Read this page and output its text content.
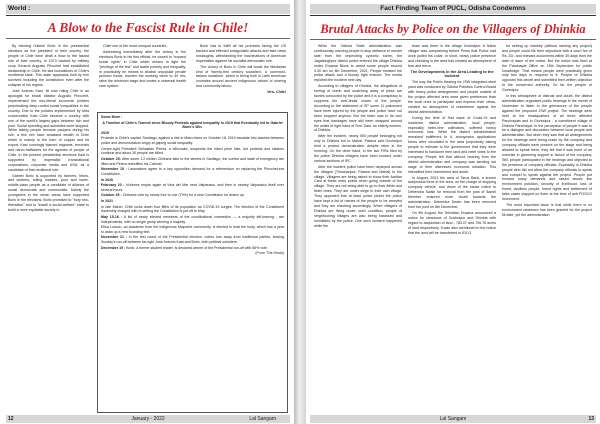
World :
A Blow to the Fascist Rule in Chile!

By electing Gabriel Boric in the presidential elections as the president of their country, the people of Chile have dealt a blow to the fascist rule of their country. In 1973 backed by military coup General Augusto Pinochet had established dictatorship in Chile. He laid foundations of Chile's neoliberal state. This state apparatus built by him survived including the constitution even after the collapse of his regime.

Jose Antonio Kast, till now ruling Chile is an apologist for brutal dictator Augusto Pinochet, implemented the neo-liberal economic policies perpetuating deep-rooted social inequalities in the country. Due to the policies implemented by ultra conservative Kast Chile became a country with one of the world's largest gaps between rich and poor. Social spending and subsidies were stopped. While taking people became paupers during his rule, a few rich have amassed wealth of Chile which is mainly in the form of copper and its export. Kast cunningly blamed migrants, terrorists and narco-traffickers for the agonies of people of Chile. In the present presidential elections Kast is supported by imperialist transnational corporations, corporate media and USA, as a candidate of that neoliberal rule.

Gabriel Boric is supported by farmers, tribes, and workers, toiling masses, poor and lower-middle-class people as a candidate of alliance of social democrats and communists. Mainly the youngsters in the urban areas have supported Boric in the elections. Boric promised to "bury neo-liberalism" and to "install a social welfare" state to build a more equitable society in

Chile one of the most unequal countries.

Addressing immediately after the victory in the elections Boric in his first official, he vowed to "expand social rights" in Chile which means to fight the "privilege of the few" and tackle poverty and inequality. In practicality he means to abolish unpopular private pension funds; shorten the working week to 40 hrs; raise the minimum wage and create a universal health care system .

Boric has to fulfill all his promises facing the US backed and effected antagonistic attacks and fake news onslaughts, withstanding the machinations of American imperialism against his socialist-democratic rule.

The victory of Boric in Chile will boost the libertarian kind of 'twenty-first century socialism', a 'communi-tarians socialism', which is being built in Latin American countries around ancient indigenous values of sharing and community labour.

Viro. Chile!

Some More :

A Timeline of Chile's Turmoil since Bloody Protests against Inequality in 2019 that Eventually led to Gabriel Boric's Win.

2019

Protests in Chile's capital, Santiago, against a rise in Metro fares on October 18, 2019 escalate into clashes between police and demonstrators angry at gaping social inequality.

Centre-right President Sebastian Pinera, a billionaire, suspends the hiked price hike, but protests and clashes continue and about 30 people are killed.

October 25: After some 1.2 million Chileans take to the streets in Santiago, the curfew and state of emergency are lifted and Pinera reshuffles his Cabinet.

November 15 : Lawmakers agree to a key opposition demand for a referendum on replacing the Pinochet-era Constitution.

In 2020

February 23 : Violence erupts again at Vina del Mar near Valparaiso, and then in nearby Valparaiso itself over several hours.

October 25 : Chileans vote by nearly four to one (79%) for a new Constitution be drawn up.

In 2021

In late March, Chile locks down four fifths of its population as COVID-19 surges. The election of the Constituent Assembly charged with re-writing the Constitution is put off to May.

May 15-16 : A list of newly elected members of the constitutional convention — a majority left-leaning - are independents, with no single group winning a majority.

Elisa Loncon, an academic from the indigenous Mapuche community, is elected to lead the body, which has a year to draw up a new founding text.

November 21 : In the first round of the Presidential election, voters turn away from traditional parties, leaving Sunday's run-off between far-right Jose Antonio Kast and Boric, both political outsiders.

December 19 : Boric, a former student leader, is declared winner of the Presidential run-off with 56% vote.

(From 'The Hindu)

12	January - 2022	Lal Sangam
Fact Finding Team of PUCL, Odisha Condemns
Brutal Attacks by Police on the Villagers of Dhinkia

While the Odisha State administration was continuously warning people to stop defiance to remain safe from the impending cyclonic storm, the Jagatsinghpur district police entered the village Dhinkia under Ersama Block to arrest some people around 4.30 am on 4th December, 2021. People resisted the police attack and a bloody fight ensued. The media reported the incident next day.

According to villagers of Dhinkia, the allegations of hurling of bomb and snatching away of pistol are stories concocted by the police and it is a conspiracy to suppress the anti-Jindal voices of the people. According to the statement of SP some 11 policemen have been injured by the people and police have not been stopped anyhow. But the team saw in its own eyes that bandages have still been wrapped around the wrists of right hand of Smt. Dasi, an elderly women, of Dhinkia.

After the incident, nearly 500 people belonging not only to Dhinkia but to Mahal, Patana and Govindpur held a protest demonstration despite rains in the morning. On the other hand, in the two FIRs filed by the police Dhinkia villagers have been booked under various sections of IPC.

After the incident police have been deployed across the villages (Trilochanpur, Patana and Mahal) to the village. Villagers are being asked to show their Aadhar Card at these entry points when going outside of the village. They are not being able to go to their fields and betel vines. They are under siege in their own village. They appealed that at least police picket the police have kept a list of names of the people to be arrested and they are checking accordingly. When villagers of Dhinkia are living under such condition, people of neighbouring villages are also being harassed and humiliated by the police. One such incident happened while the

team was there in the village Govindpur. A fellow villager was complaining before Press that Police had once pulled his collar. In short, heavy police presence and checking in the area has created an atmosphere of fear and terror.

The Developments in the Area Leading to the Incident

The way the Public Hearing for JSW integrated steel plant was conducted by Odisha Pollution Control Board with heavy police arrangement and people outside of the project affected area were given preference than the local ones to participate and express their views, created an atmosphere of resentment against the district administration.

During the time of first wave of Covid-19 and lockdown, district administration, local people, especially betel-vine cultivators, suffered heavy economic loss. While the district administration remained indifferent to it, anonymous applications forms were circulated in the area purportedly asking people to intimate to the government that they were interested to handover their land and betel vines to the company. People felt that without hearing from the district administration and company was sending out stage of their distressed economic situation. This intensified their resentment and doubt.

In August, 2021 the area of Tarus Bank, a known antiprossal force in the area, on the charge of stopping company vehicle, and drove of the cause notice to Debendra Swain for removal from the post of Samiti Member ensured more doubt towards the administration. Debendra Swain has been removed from the post on 8th December.

On 9th August, the Tehsildar, Ersama announced a notice for clearance of Govindpur and Dhinkia with regard to acquisition of land - 783.07 and 706.76 acres of land respectively. It was also mentioned in the notice that the land will be transferred to IDCO

for setting up industry (without naming any project) and people could file their objections with a court fee of Rs. 20/- and relevant documents within 30 days from the date of issue of the notice. But the notice was fixed at the Panchayat Office on 15th September for public knowledge. That means people were practically given only two days to respond to it. People of Dhinkia opposed this deceit and submitted their written objection to the concerned authority. So far the people of Govindpur.

In this atmosphere of distrust and doubt, the district administration organized public hearings in the month of November to listen to the grievances of the people against the proposed JSW project. The hearings were held at the headquarters of all three affected Panchayats and in Govindpur - a constituent village of Dhinkia Panchayat. In the perception of people it was to be a dialogue and discussion between local people and administration. But when they saw that all arrangements for the hearings were being made by the company and company officials were present on the stage and being allowed to speak there, they felt that it was more of an exercise in garnering support in favour of the company. Still, people participated in the hearings and objected to the presence of company officials. Especially in Dhinkia people who did not allow the company officials to speak and compel to speak against the project. People put forward many demands and raised issues like environment pollution, security of livelihood, loss of forest, landless people, forest rights and settlement of false cases slapped on them at the time of anti-POSCO movement.

The most important issue is that while there is no environment clearance has been granted for the project till date, yet the administration

Lal Sangam	13
